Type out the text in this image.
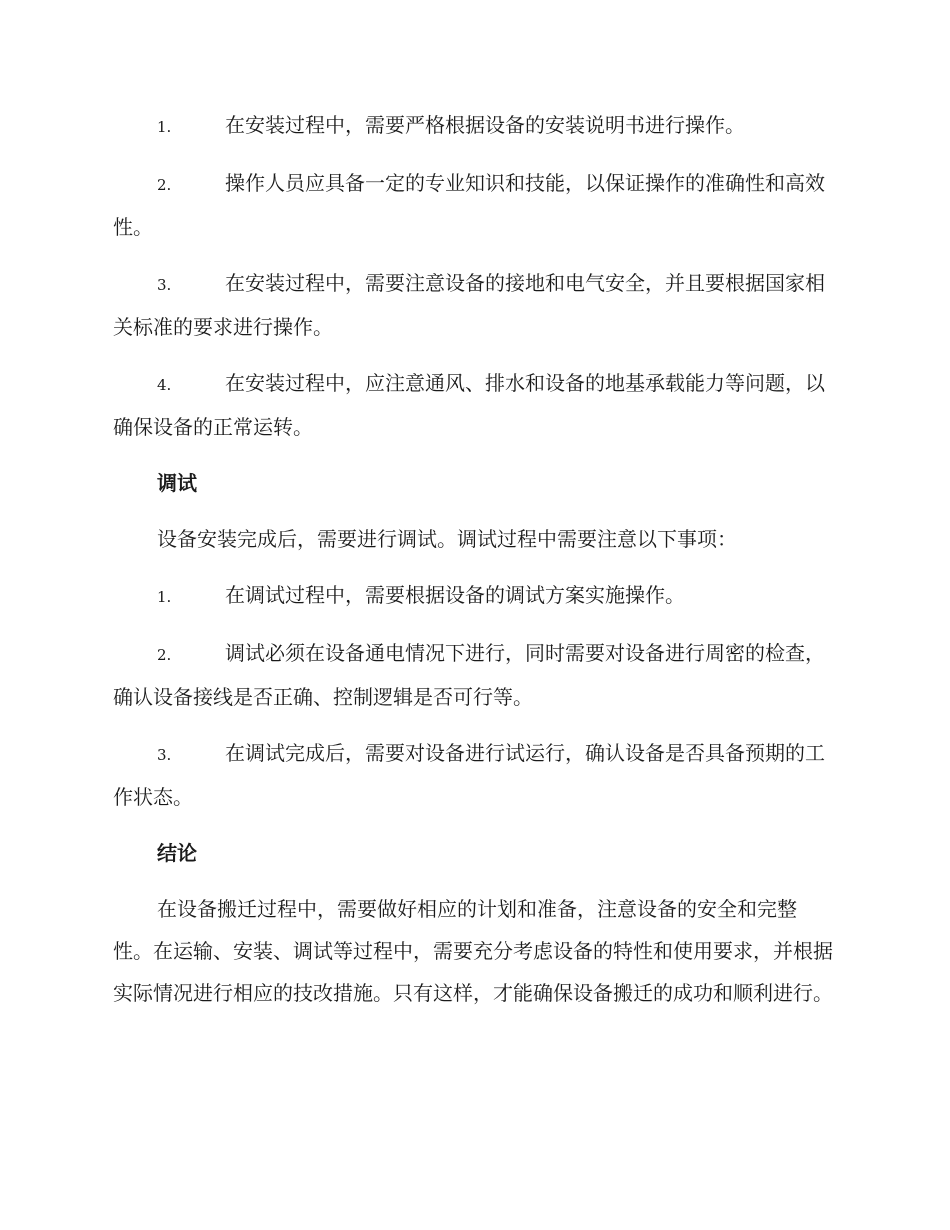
1.	在安装过程中，需要严格根据设备的安装说明书进行操作。

2.	操作人员应具备一定的专业知识和技能，以保证操作的准确性和高效性。

3.	在安装过程中，需要注意设备的接地和电气安全，并且要根据国家相关标准的要求进行操作。

4.	在安装过程中，应注意通风、排水和设备的地基承载能力等问题，以确保设备的正常运转。

调试

设备安装完成后，需要进行调试。调试过程中需要注意以下事项：

1.	在调试过程中，需要根据设备的调试方案实施操作。

2.	调试必须在设备通电情况下进行，同时需要对设备进行周密的检查，确认设备接线是否正确、控制逻辑是否可行等。

3.	在调试完成后，需要对设备进行试运行，确认设备是否具备预期的工作状态。

结论

在设备搬迁过程中，需要做好相应的计划和准备，注意设备的安全和完整性。在运输、安装、调试等过程中，需要充分考虑设备的特性和使用要求，并根据实际情况进行相应的技改措施。只有这样，才能确保设备搬迁的成功和顺利进行。
